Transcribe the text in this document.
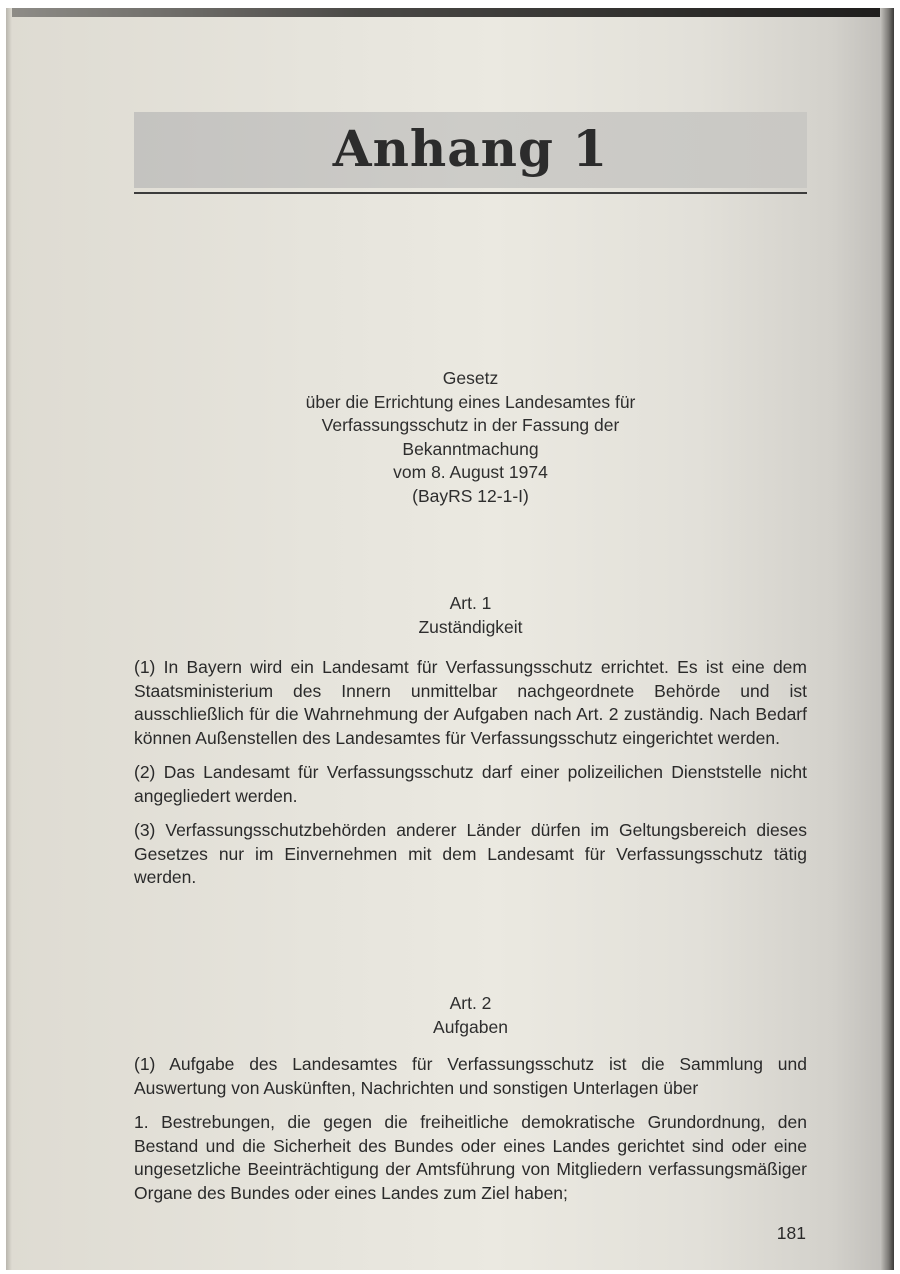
Anhang 1
Gesetz
über die Errichtung eines Landesamtes für
Verfassungsschutz in der Fassung der
Bekanntmachung
vom 8. August 1974
(BayRS 12-1-I)
Art. 1
Zuständigkeit

(1) In Bayern wird ein Landesamt für Verfassungsschutz errichtet. Es ist eine dem Staatsministerium des Innern unmittelbar nachgeordnete Behörde und ist ausschließlich für die Wahrnehmung der Aufgaben nach Art. 2 zuständig. Nach Bedarf können Außenstellen des Landesamtes für Verfassungsschutz eingerichtet werden.

(2) Das Landesamt für Verfassungsschutz darf einer polizeilichen Dienststelle nicht angegliedert werden.

(3) Verfassungsschutzbehörden anderer Länder dürfen im Geltungsbereich dieses Gesetzes nur im Einvernehmen mit dem Landesamt für Verfassungsschutz tätig werden.

Art. 2
Aufgaben

(1) Aufgabe des Landesamtes für Verfassungsschutz ist die Sammlung und Auswertung von Auskünften, Nachrichten und sonstigen Unterlagen über

1. Bestrebungen, die gegen die freiheitliche demokratische Grundordnung, den Bestand und die Sicherheit des Bundes oder eines Landes gerichtet sind oder eine ungesetzliche Beeinträchtigung der Amtsführung von Mitgliedern verfassungsmäßiger Organe des Bundes oder eines Landes zum Ziel haben;

181
